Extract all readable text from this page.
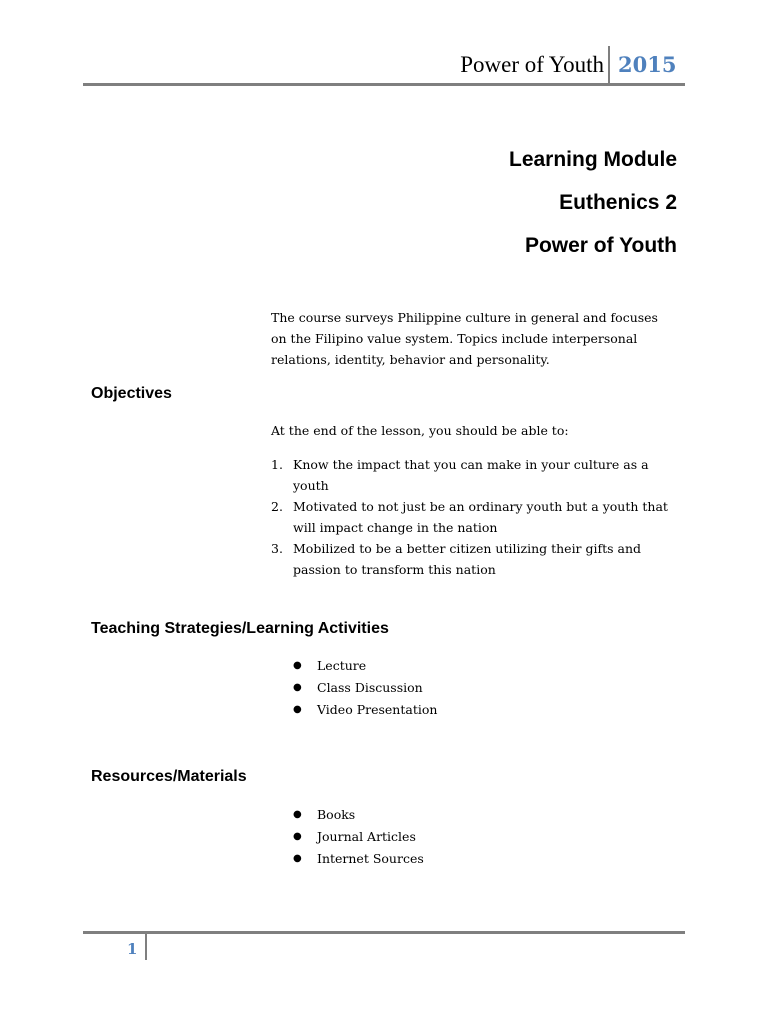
Power of Youth 2015
Learning Module
Euthenics 2
Power of Youth
The course surveys Philippine culture in general and focuses on the Filipino value system. Topics include interpersonal relations, identity, behavior and personality.
Objectives
At the end of the lesson, you should be able to:
1. Know the impact that you can make in your culture as a youth
2. Motivated to not just be an ordinary youth but a youth that will impact change in the nation
3. Mobilized to be a better citizen utilizing their gifts and passion to transform this nation
Teaching Strategies/Learning Activities
● Lecture
● Class Discussion
● Video Presentation
Resources/Materials
● Books
● Journal Articles
● Internet Sources
1
